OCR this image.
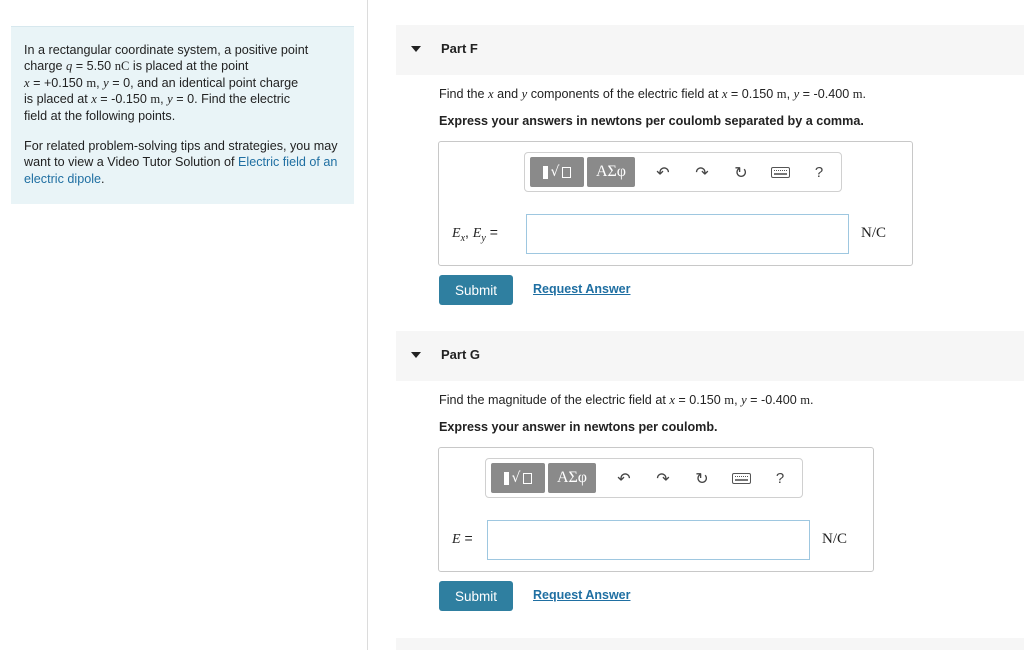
In a rectangular coordinate system, a positive point
charge q = 5.50 nC is placed at the point
x = +0.150 m, y = 0, and an identical point charge
is placed at x = -0.150 m, y = 0. Find the electric
field at the following points.

For related problem-solving tips and strategies, you may want to view a Video Tutor Solution of Electric field of an electric dipole.

Part F
Find the x and y components of the electric field at x = 0.150 m, y = -0.400 m.
Express your answers in newtons per coulomb separated by a comma.
√	ΑΣφ	↶ ↷ ↻	?
$E_x$, $E_y$ =	N/C
Submit	Request Answer
Part G
Find the magnitude of the electric field at x = 0.150 m, y = -0.400 m.
Express your answer in newtons per coulomb.
√	ΑΣφ	↶ ↷ ↻	?
E =	N/C
Submit	Request Answer
